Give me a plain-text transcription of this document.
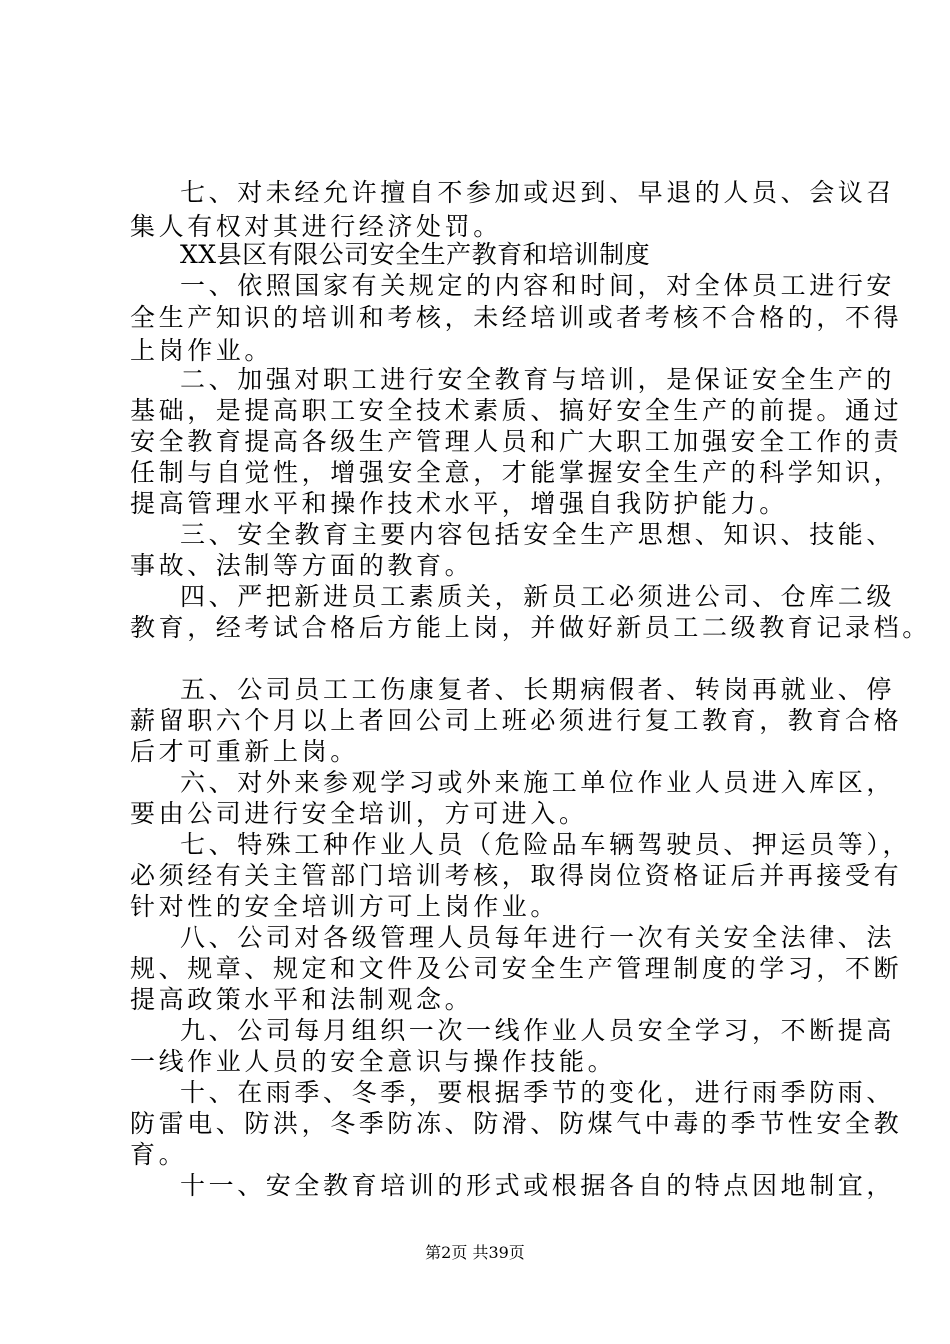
七、对未经允许擅自不参加或迟到、早退的人员、会议召
集人有权对其进行经济处罚。
XX县区有限公司安全生产教育和培训制度
一、依照国家有关规定的内容和时间，对全体员工进行安
全生产知识的培训和考核，未经培训或者考核不合格的，不得
上岗作业。
二、加强对职工进行安全教育与培训，是保证安全生产的
基础，是提高职工安全技术素质、搞好安全生产的前提。通过
安全教育提高各级生产管理人员和广大职工加强安全工作的责
任制与自觉性，增强安全意，才能掌握安全生产的科学知识，
提高管理水平和操作技术水平，增强自我防护能力。
三、安全教育主要内容包括安全生产思想、知识、技能、
事故、法制等方面的教育。
四、严把新进员工素质关，新员工必须进公司、仓库二级
教育，经考试合格后方能上岗，并做好新员工二级教育记录档。
五、公司员工工伤康复者、长期病假者、转岗再就业、停
薪留职六个月以上者回公司上班必须进行复工教育，教育合格
后才可重新上岗。
六、对外来参观学习或外来施工单位作业人员进入库区，
要由公司进行安全培训，方可进入。
七、特殊工种作业人员（危险品车辆驾驶员、押运员等），
必须经有关主管部门培训考核，取得岗位资格证后并再接受有
针对性的安全培训方可上岗作业。
八、公司对各级管理人员每年进行一次有关安全法律、法
规、规章、规定和文件及公司安全生产管理制度的学习，不断
提高政策水平和法制观念。
九、公司每月组织一次一线作业人员安全学习，不断提高
一线作业人员的安全意识与操作技能。
十、在雨季、冬季，要根据季节的变化，进行雨季防雨、
防雷电、防洪，冬季防冻、防滑、防煤气中毒的季节性安全教
育。
十一、安全教育培训的形式或根据各自的特点因地制宜，
第2页 共39页
